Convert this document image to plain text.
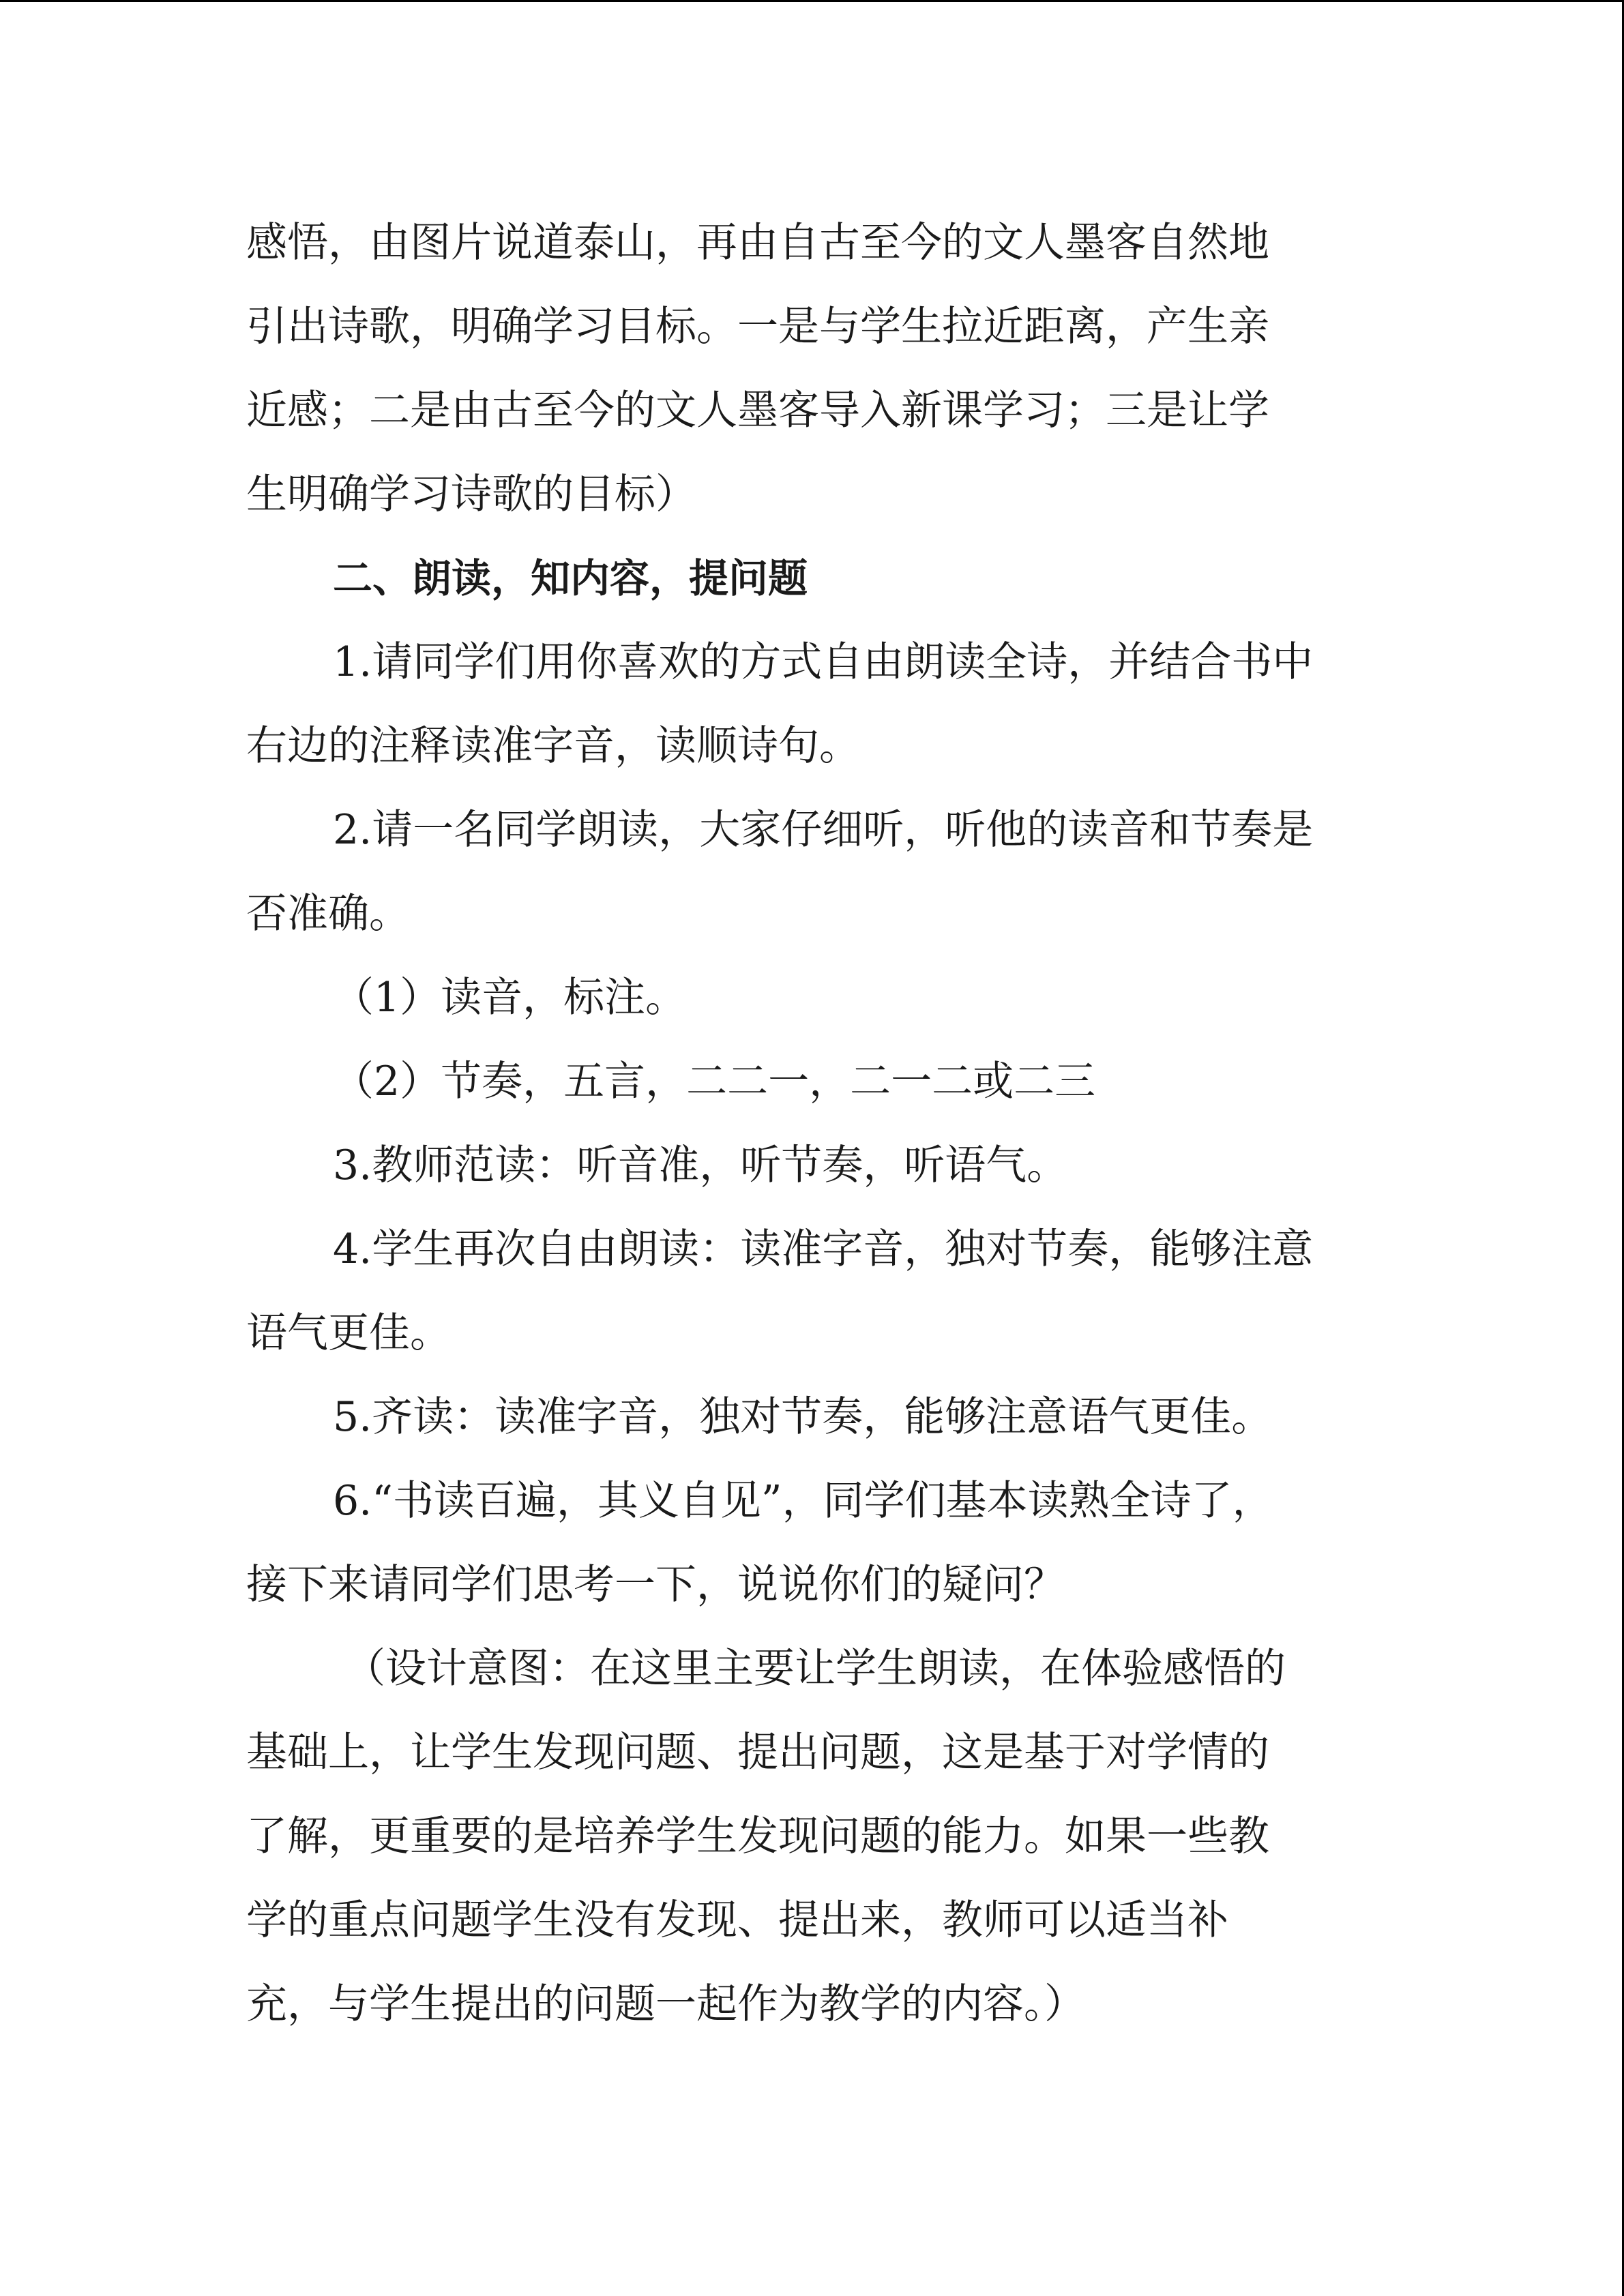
感悟，由图片说道泰山，再由自古至今的文人墨客自然地
引出诗歌，明确学习目标。一是与学生拉近距离，产生亲
近感；二是由古至今的文人墨客导入新课学习；三是让学
生明确学习诗歌的目标）
二、朗读，知内容，提问题
1.请同学们用你喜欢的方式自由朗读全诗，并结合书中
右边的注释读准字音，读顺诗句。
2.请一名同学朗读，大家仔细听，听他的读音和节奏是
否准确。
（1）读音，标注。
（2）节奏，五言，二二一，二一二或二三
3.教师范读：听音准，听节奏，听语气。
4.学生再次自由朗读：读准字音，独对节奏，能够注意
语气更佳。
5.齐读：读准字音，独对节奏，能够注意语气更佳。
6.“书读百遍，其义自见”，同学们基本读熟全诗了，
接下来请同学们思考一下，说说你们的疑问？
（设计意图：在这里主要让学生朗读，在体验感悟的
基础上，让学生发现问题、提出问题，这是基于对学情的
了解，更重要的是培养学生发现问题的能力。如果一些教
学的重点问题学生没有发现、提出来，教师可以适当补
充，与学生提出的问题一起作为教学的内容。）
